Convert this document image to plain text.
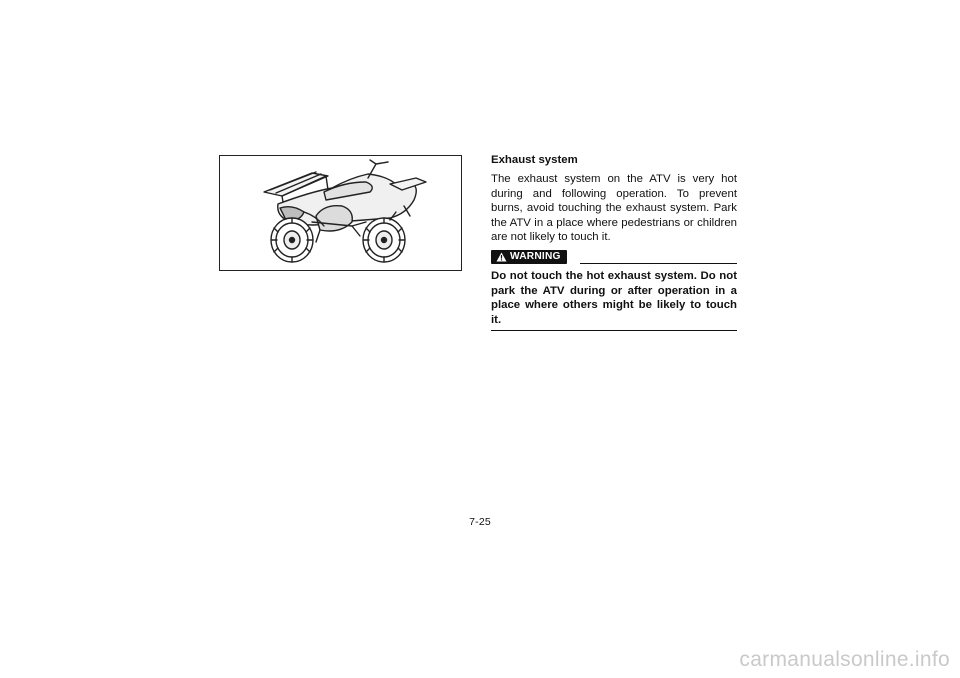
Exhaust system

The exhaust system on the ATV is very hot during and following operation. To prevent burns, avoid touching the exhaust system. Park the ATV in a place where pedestrians or children are not likely to touch it.

WARNING

Do not touch the hot exhaust system. Do not park the ATV during or after operation in a place where others might be likely to touch it.

7-25
carmanualsonline.info
